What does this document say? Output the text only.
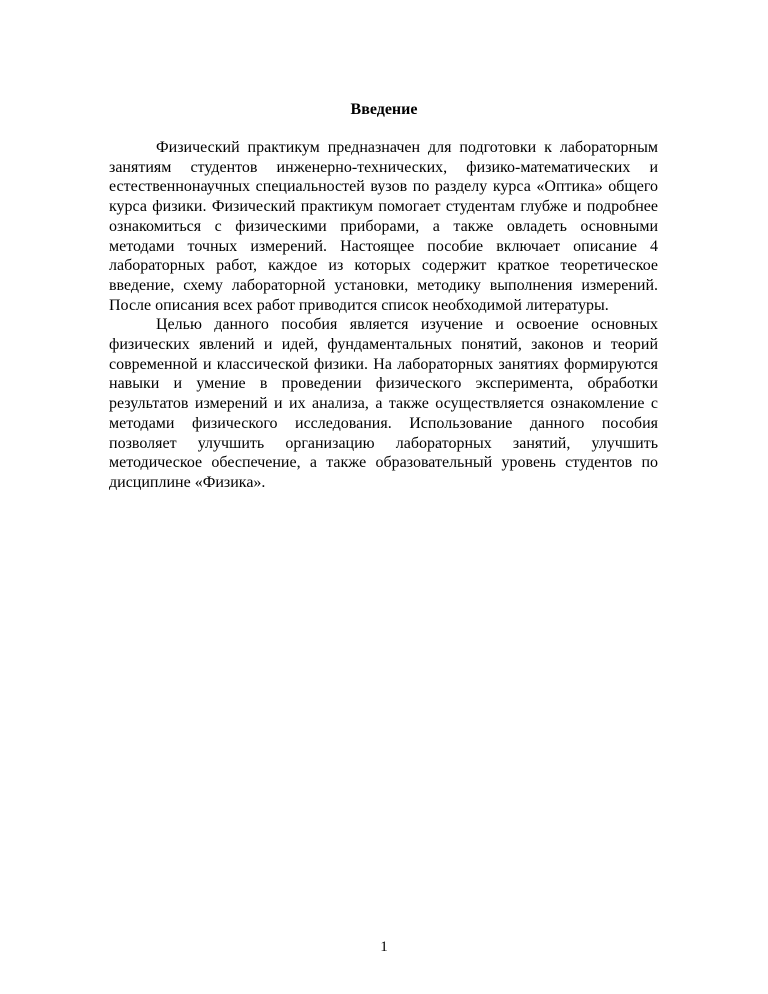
Введение

Физический практикум предназначен для подготовки к лабораторным занятиям студентов инженерно-технических, физико-математических и естественнонаучных специальностей вузов по разделу курса «Оптика» общего курса физики. Физический практикум помогает студентам глубже и подробнее ознакомиться с физическими приборами, а также овладеть основными методами точных измерений. Настоящее пособие включает описание 4 лабораторных работ, каждое из которых содержит краткое теоретическое введение, схему лабораторной установки, методику выполнения измерений. После описания всех работ приводится список необходимой литературы.

Целью данного пособия является изучение и освоение основных физических явлений и идей, фундаментальных понятий, законов и теорий современной и классической физики. На лабораторных занятиях формируются навыки и умение в проведении физического эксперимента, обработки результатов измерений и их анализа, а также осуществляется ознакомление с методами физического исследования. Использование данного пособия позволяет улучшить организацию лабораторных занятий, улучшить методическое обеспечение, а также образовательный уровень студентов по дисциплине «Физика».

1
